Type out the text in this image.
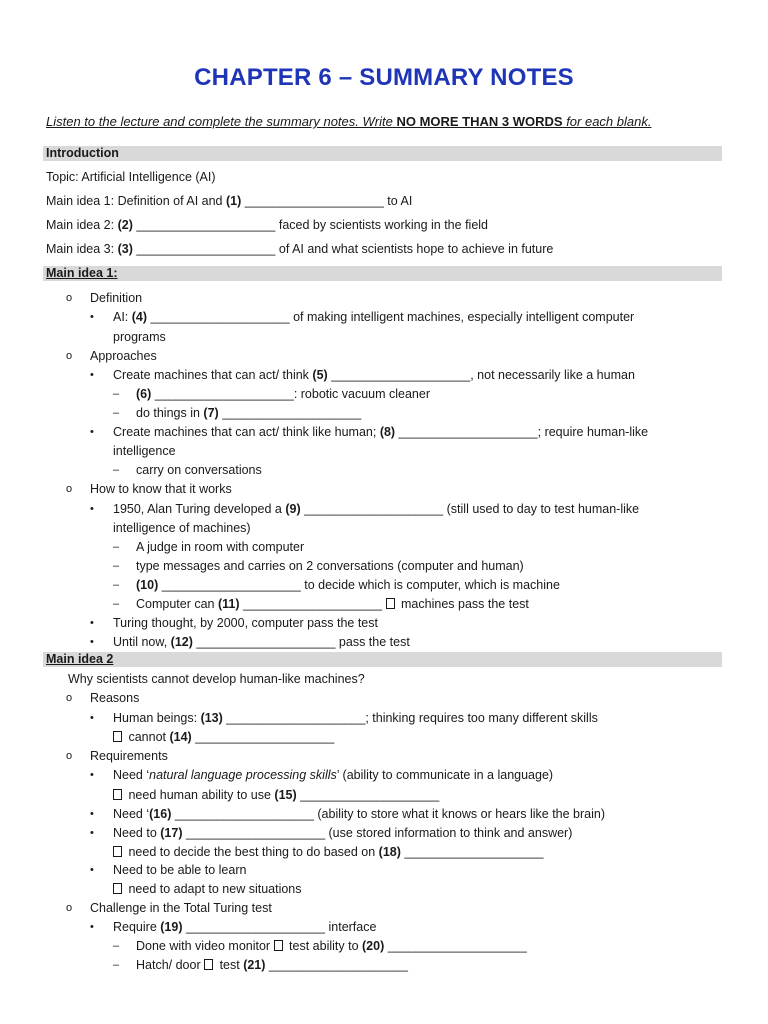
CHAPTER 6 – SUMMARY NOTES
Listen to the lecture and complete the summary notes. Write NO MORE THAN 3 WORDS for each blank.
Introduction
Topic: Artificial Intelligence (AI)
Main idea 1: Definition of AI and (1) ____________________ to AI
Main idea 2: (2) ____________________ faced by scientists working in the field
Main idea 3: (3) ____________________ of AI and what scientists hope to achieve in future
Main idea 1:
o Definition
• AI: (4) ____________________ of making intelligent machines, especially intelligent computer
programs
o Approaches
• Create machines that can act/ think (5) ____________________, not necessarily like a human
– (6) ____________________: robotic vacuum cleaner
– do things in (7) ____________________
• Create machines that can act/ think like human; (8) ____________________; require human-like
intelligence
– carry on conversations
o How to know that it works
• 1950, Alan Turing developed a (9) ____________________ (still used to day to test human-like
intelligence of machines)
– A judge in room with computer
– type messages and carries on 2 conversations (computer and human)
– (10) ____________________ to decide which is computer, which is machine
– Computer can (11) ____________________  machines pass the test
• Turing thought, by 2000, computer pass the test
• Until now, (12) ____________________ pass the test
Main idea 2
Why scientists cannot develop human-like machines?
o Reasons
• Human beings: (13) ____________________; thinking requires too many different skills
cannot (14) ____________________
o Requirements
• Need ‘natural language processing skills’ (ability to communicate in a language)
need human ability to use (15) ____________________
• Need ‘(16) ____________________ (ability to store what it knows or hears like the brain)
• Need to (17) ____________________ (use stored information to think and answer)
need to decide the best thing to do based on (18) ____________________
• Need to be able to learn
need to adapt to new situations
o Challenge in the Total Turing test
• Require (19) ____________________ interface
– Done with video monitor  test ability to (20) ____________________
– Hatch/ door  test (21) ____________________
